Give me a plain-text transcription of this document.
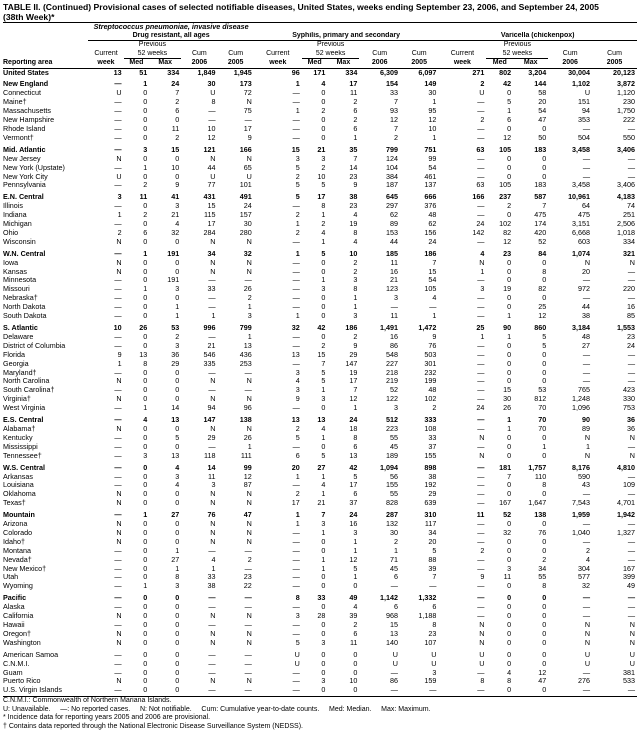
TABLE II. (Continued) Provisional cases of selected notifiable diseases, United States, weeks ending September 23, 2006, and September 24, 2005
(38th Week)*
	Streptococcus pneumoniae, invasive disease														
	Drug resistant, all ages					Syphilis, primary and secondary					Varicella (chickenpox)				
		Previous					Previous					Previous			
	Current	52 weeks		Cum	Cum	Current	52 weeks		Cum	Cum	Current	52 weeks		Cum	Cum
Reporting area	week	Med	Max	2006	2005	week	Med	Max	2006	2005	week	Med	Max	2006	2005
United States	13	51	334	1,849	1,945	96	171	334	6,309	6,097	271	802	3,204	30,004	20,123

New England	—	1	24	30	173	1	4	17	154	149	2	42	144	1,102	3,872
Connecticut	U	0	7	U	72	—	0	11	33	30	U	0	58	U	1,120
Maine†	—	0	2	8	N	—	0	2	7	1	—	5	20	151	230
Massachusetts	—	0	6	—	75	1	2	6	93	95	—	1	54	94	1,750
New Hampshire	—	0	0	—	—	—	0	2	12	12	2	6	47	353	222
Rhode Island	—	0	11	10	17	—	0	6	7	10	—	0	0	—	—
Vermont†	—	0	2	12	9	—	0	1	2	1	—	12	50	504	550

Mid. Atlantic	—	3	15	121	166	15	21	35	799	751	63	105	183	3,458	3,406
New Jersey	N	0	0	N	N	3	3	7	124	99	—	0	0	—	—
New York (Upstate)	—	1	10	44	65	5	2	14	104	54	—	0	0	—	—
New York City	U	0	0	U	U	2	10	23	384	461	—	0	0	—	—
Pennsylvania	—	2	9	77	101	5	5	9	187	137	63	105	183	3,458	3,406

E.N. Central	3	11	41	431	491	5	17	38	645	666	166	237	587	10,961	4,183
Illinois	—	0	3	15	24	—	8	23	297	376	—	2	7	64	74
Indiana	1	2	21	115	157	2	1	4	62	48	—	0	475	475	251
Michigan	—	0	4	17	30	1	2	19	89	62	24	102	174	3,151	2,506
Ohio	2	6	32	284	280	2	4	8	153	156	142	82	420	6,668	1,018
Wisconsin	N	0	0	N	N	—	1	4	44	24	—	12	52	603	334

W.N. Central	—	1	191	34	32	1	5	10	185	186	4	23	84	1,074	321
Iowa	N	0	0	N	N	—	0	2	11	7	N	0	0	N	N
Kansas	N	0	0	N	N	—	0	2	16	15	1	0	8	20	—
Minnesota	—	0	191	—	—	—	1	3	21	54	—	0	0	—	—
Missouri	—	1	3	33	26	—	3	8	123	105	3	19	82	972	220
Nebraska†	—	0	0	—	2	—	0	1	3	4	—	0	0	—	—
North Dakota	—	0	1	—	1	—	0	1	—	—	—	0	25	44	16
South Dakota	—	0	1	1	3	1	0	3	11	1	—	1	12	38	85

S. Atlantic	10	26	53	996	799	32	42	186	1,491	1,472	25	90	860	3,184	1,553
Delaware	—	0	2	—	1	—	0	2	16	9	1	1	5	48	23
District of Columbia	—	0	3	21	13	—	2	9	86	76	—	0	5	27	24
Florida	9	13	36	546	436	13	15	29	548	503	—	0	0	—	—
Georgia	1	8	29	335	253	—	7	147	227	301	—	0	0	—	—
Maryland†	—	0	0	—	—	3	5	19	218	232	—	0	0	—	—
North Carolina	N	0	0	N	N	4	5	17	219	199	—	0	0	—	—
South Carolina†	—	0	0	—	—	3	1	7	52	48	—	15	53	765	423
Virginia†	N	0	0	N	N	9	3	12	122	102	—	30	812	1,248	330
West Virginia	—	1	14	94	96	—	0	1	3	2	24	26	70	1,096	753

E.S. Central	—	4	13	147	138	13	13	24	512	333	—	1	70	90	36
Alabama†	N	0	0	N	N	2	4	18	223	108	—	1	70	89	36
Kentucky	—	0	5	29	26	5	1	8	55	33	N	0	0	N	N
Mississippi	—	0	0	—	1	—	0	6	45	37	—	0	1	1	—
Tennessee†	—	3	13	118	111	6	5	13	189	155	N	0	0	N	N

W.S. Central	—	0	4	14	99	20	27	42	1,094	898	—	181	1,757	8,176	4,810
Arkansas	—	0	3	11	12	1	1	5	56	38	—	7	110	590	—
Louisiana	—	0	4	3	87	—	4	17	155	192	—	0	8	43	109
Oklahoma	N	0	0	N	N	2	1	6	55	29	—	0	0	—	—
Texas†	N	0	0	N	N	17	21	37	828	639	—	167	1,647	7,543	4,701

Mountain	—	1	27	76	47	1	7	24	287	310	11	52	138	1,959	1,942
Arizona	N	0	0	N	N	1	3	16	132	117	—	0	0	—	—
Colorado	N	0	0	N	N	—	1	3	30	34	—	32	76	1,040	1,327
Idaho†	N	0	0	N	N	—	0	1	2	20	—	0	0	—	—
Montana	—	0	1	—	—	—	0	1	1	5	2	0	0	2	—
Nevada†	—	0	27	4	2	—	1	12	71	88	—	0	2	4	—
New Mexico†	—	0	1	1	—	—	1	5	45	39	—	3	34	304	167
Utah	—	0	8	33	23	—	0	1	6	7	9	11	55	577	399
Wyoming	—	1	3	38	22	—	0	0	—	—	—	0	8	32	49

Pacific	—	0	0	—	—	8	33	49	1,142	1,332	—	0	0	—	—
Alaska	—	0	0	—	—	—	0	4	6	6	—	0	0	—	—
California	N	0	0	N	N	3	28	39	968	1,188	—	0	0	—	—
Hawaii	—	0	0	—	—	—	0	2	15	8	N	0	0	N	N
Oregon†	N	0	0	N	N	—	0	6	13	23	N	0	0	N	N
Washington	N	0	0	N	N	5	3	11	140	107	N	0	0	N	N

American Samoa	—	0	0	—	—	U	0	0	U	U	U	0	0	U	U
C.N.M.I.	—	0	0	—	—	U	0	0	U	U	U	0	0	U	U
Guam	—	0	0	—	—	—	0	0	—	3	—	4	12	—	381
Puerto Rico	N	0	0	N	N	—	3	10	86	159	8	8	47	276	533
U.S. Virgin Islands	—	0	0	—	—	—	0	0	—	—	—	0	0	—	—
C.N.M.I.: Commonwealth of Northern Mariana Islands.
U: Unavailable.     —: No reported cases.     N: Not notifiable.     Cum: Cumulative year-to-date counts.     Med: Median.     Max: Maximum.
* Incidence data for reporting years 2005 and 2006 are provisional.
† Contains data reported through the National Electronic Disease Surveillance System (NEDSS).
